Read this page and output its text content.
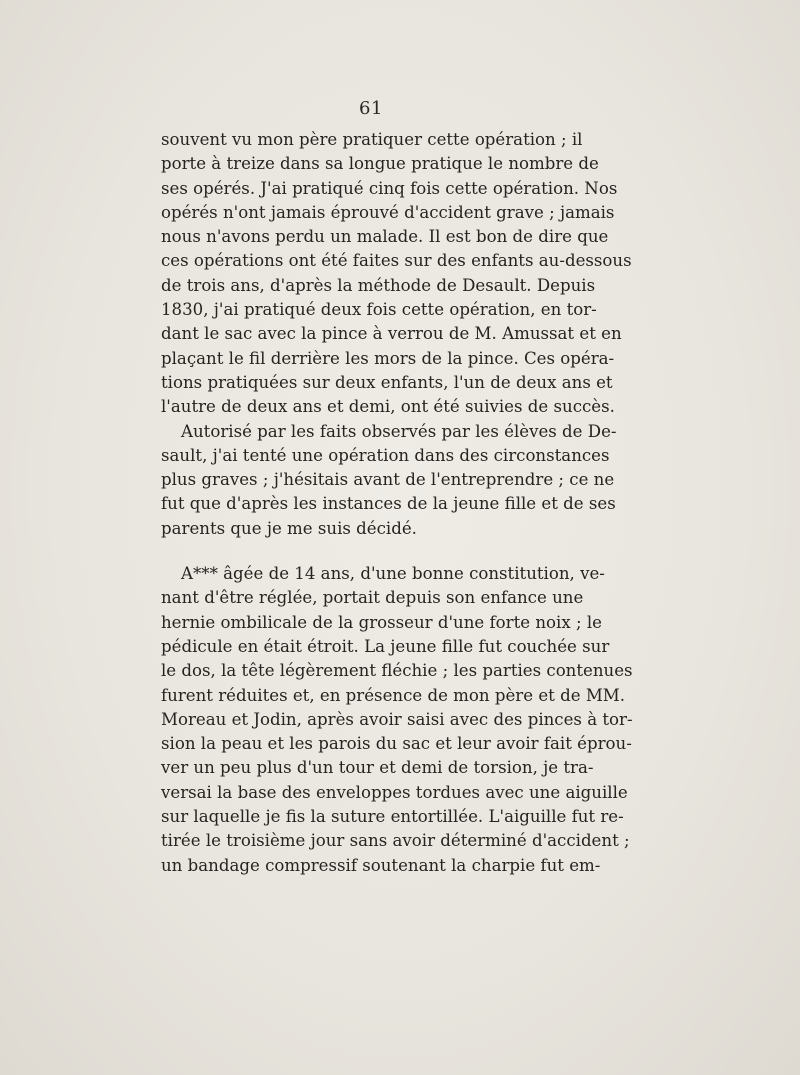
61
souvent vu mon père pratiquer cette opération ; il
porte à treize dans sa longue pratique le nombre de
ses opérés. J'ai pratiqué cinq fois cette opération. Nos
opérés n'ont jamais éprouvé d'accident grave ; jamais
nous n'avons perdu un malade. Il est bon de dire que
ces opérations ont été faites sur des enfants au-dessous
de trois ans, d'après la méthode de Desault. Depuis
1830, j'ai pratiqué deux fois cette opération, en tor-
dant le sac avec la pince à verrou de M. Amussat et en
plaçant le fil derrière les mors de la pince. Ces opéra-
tions pratiquées sur deux enfants, l'un de deux ans et
l'autre de deux ans et demi, ont été suivies de succès.
Autorisé par les faits observés par les élèves de De-
sault, j'ai tenté une opération dans des circonstances
plus graves ; j'hésitais avant de l'entreprendre ; ce ne
fut que d'après les instances de la jeune fille et de ses
parents que je me suis décidé.
A*** âgée de 14 ans, d'une bonne constitution, ve-
nant d'être réglée, portait depuis son enfance une
hernie ombilicale de la grosseur d'une forte noix ; le
pédicule en était étroit. La jeune fille fut couchée sur
le dos, la tête légèrement fléchie ; les parties contenues
furent réduites et, en présence de mon père et de MM.
Moreau et Jodin, après avoir saisi avec des pinces à tor-
sion la peau et les parois du sac et leur avoir fait éprou-
ver un peu plus d'un tour et demi de torsion, je tra-
versai la base des enveloppes tordues avec une aiguille
sur laquelle je fis la suture entortillée. L'aiguille fut re-
tirée le troisième jour sans avoir déterminé d'accident ;
un bandage compressif soutenant la charpie fut em-
